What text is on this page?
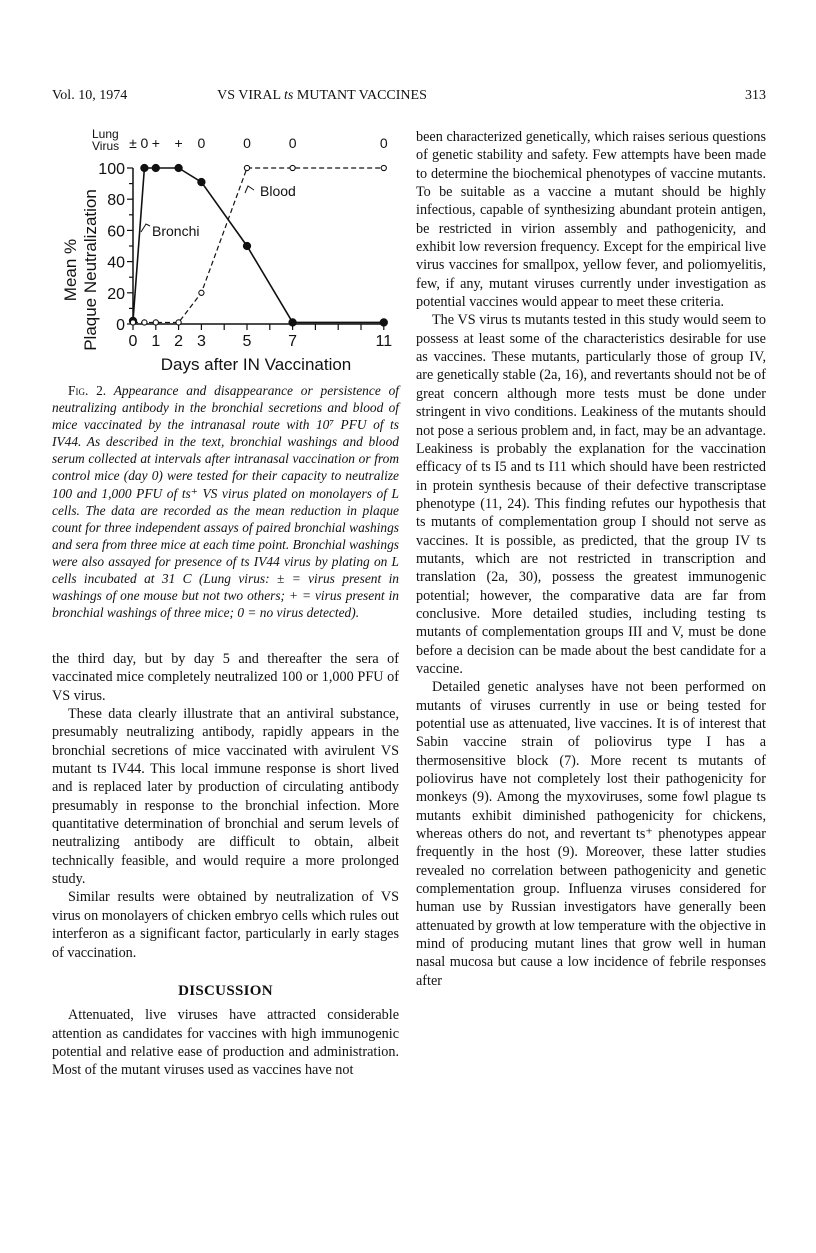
Vol. 10, 1974	VS VIRAL ts MUTANT VACCINES	313
Lung
Virus ± 0 + + 0	0	0	0
0
20
40
60
80
100
0 1 2 3 5 7	11
Bronchi
Blood
Mean % Plaque Neutralization
Days after IN Vaccination
Fig. 2. Appearance and disappearance or persistence of neutralizing antibody in the bronchial secretions and blood of mice vaccinated by the intranasal route with 10⁷ PFU of ts IV44. As described in the text, bronchial washings and blood serum collected at intervals after intranasal vaccination or from control mice (day 0) were tested for their capacity to neutralize 100 and 1,000 PFU of ts⁺ VS virus plated on monolayers of L cells. The data are recorded as the mean reduction in plaque count for three independent assays of paired bronchial washings and sera from three mice at each time point. Bronchial washings were also assayed for presence of ts IV44 virus by plating on L cells incubated at 31 C (Lung virus: ± = virus present in washings of one mouse but not two others; + = virus present in bronchial washings of three mice; 0 = no virus detected).

the third day, but by day 5 and thereafter the sera of vaccinated mice completely neutralized 100 or 1,000 PFU of VS virus.

These data clearly illustrate that an antiviral substance, presumably neutralizing antibody, rapidly appears in the bronchial secretions of mice vaccinated with avirulent VS mutant ts IV44. This local immune response is short lived and is replaced later by production of circulating antibody presumably in response to the bronchial infection. More quantitative determination of bronchial and serum levels of neutralizing antibody are difficult to obtain, albeit technically feasible, and would require a more prolonged study.

Similar results were obtained by neutralization of VS virus on monolayers of chicken embryo cells which rules out interferon as a significant factor, particularly in early stages of vaccination.

DISCUSSION

Attenuated, live viruses have attracted considerable attention as candidates for vaccines with high immunogenic potential and relative ease of production and administration. Most of the mutant viruses used as vaccines have not

been characterized genetically, which raises serious questions of genetic stability and safety. Few attempts have been made to determine the biochemical phenotypes of vaccine mutants. To be suitable as a vaccine a mutant should be highly infectious, capable of synthesizing abundant protein antigen, be restricted in virion assembly and pathogenicity, and exhibit low reversion frequency. Except for the empirical live virus vaccines for smallpox, yellow fever, and poliomyelitis, few, if any, mutant viruses currently under investigation as potential vaccines would appear to meet these criteria.

The VS virus ts mutants tested in this study would seem to possess at least some of the characteristics desirable for use as vaccines. These mutants, particularly those of group IV, are genetically stable (2a, 16), and revertants should not be of great concern although more tests must be done under stringent in vivo conditions. Leakiness of the mutants should not pose a serious problem and, in fact, may be an advantage. Leakiness is probably the explanation for the vaccination efficacy of ts I5 and ts I11 which should have been restricted in protein synthesis because of their defective transcriptase phenotype (11, 24). This finding refutes our hypothesis that ts mutants of complementation group I should not serve as vaccines. It is possible, as predicted, that the group IV ts mutants, which are not restricted in transcription and translation (2a, 30), possess the greatest immunogenic potential; however, the comparative data are far from conclusive. More detailed studies, including testing ts mutants of complementation groups III and V, must be done before a decision can be made about the best candidate for a vaccine.

Detailed genetic analyses have not been performed on mutants of viruses currently in use or being tested for potential use as attenuated, live vaccines. It is of interest that Sabin vaccine strain of poliovirus type I has a thermosensitive block (7). More recent ts mutants of poliovirus have not completely lost their pathogenicity for monkeys (9). Among the myxoviruses, some fowl plague ts mutants exhibit diminished pathogenicity for chickens, whereas others do not, and revertant ts⁺ phenotypes appear frequently in the host (9). Moreover, these latter studies revealed no correlation between pathogenicity and genetic complementation group. Influenza viruses considered for human use by Russian investigators have generally been attenuated by growth at low temperature with the objective in mind of producing mutant lines that grow well in human nasal mucosa but cause a low incidence of febrile responses after
